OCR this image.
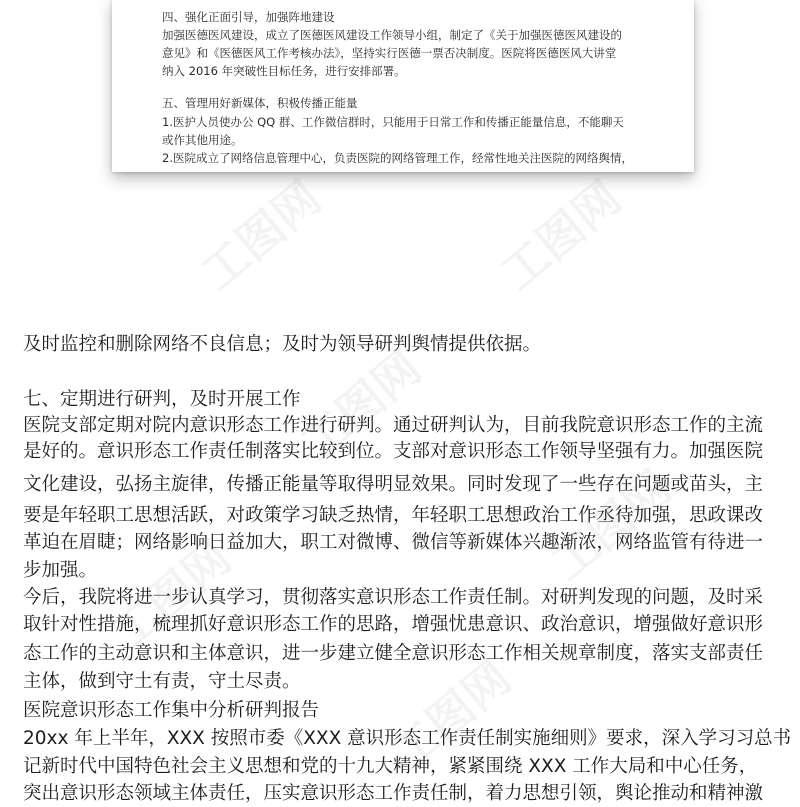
工图网	工图网
工图网
工图网
工图网
工图网
四、强化正面引导，加强阵地建设
加强医德医风建设，成立了医德医风建设工作领导小组，制定了《关于加强医德医风建设的
意见》和《医德医风工作考核办法》，坚持实行医德一票否决制度。医院将医德医风大讲堂
纳入 2016 年突破性目标任务，进行安排部署。
五、管理用好新媒体，积极传播正能量
1.医护人员使办公 QQ 群、工作微信群时，只能用于日常工作和传播正能量信息，不能聊天
或作其他用途。
2.医院成立了网络信息管理中心，负责医院的网络管理工作，经常性地关注医院的网络舆情，
及时监控和删除网络不良信息；及时为领导研判舆情提供依据。
七、定期进行研判，及时开展工作
医院支部定期对院内意识形态工作进行研判。通过研判认为，目前我院意识形态工作的主流
是好的。意识形态工作责任制落实比较到位。支部对意识形态工作领导坚强有力。加强医院
文化建设，弘扬主旋律，传播正能量等取得明显效果。同时发现了一些存在问题或苗头，主
要是年轻职工思想活跃，对政策学习缺乏热情，年轻职工思想政治工作丞待加强，思政课改
革迫在眉睫；网络影响日益加大，职工对微博、微信等新媒体兴趣渐浓，网络监管有待进一
步加强。
今后，我院将进一步认真学习，贯彻落实意识形态工作责任制。对研判发现的问题，及时采
取针对性措施，梳理抓好意识形态工作的思路，增强忧患意识、政治意识，增强做好意识形
态工作的主动意识和主体意识，进一步建立健全意识形态工作相关规章制度，落实支部责任
主体，做到守土有责，守土尽责。
医院意识形态工作集中分析研判报告
20xx 年上半年，XXX 按照市委《XXX 意识形态工作责任制实施细则》要求，深入学习习总书
记新时代中国特色社会主义思想和党的十九大精神，紧紧围绕 XXX 工作大局和中心任务，
突出意识形态领域主体责任，压实意识形态工作责任制，着力思想引领，舆论推动和精神激
